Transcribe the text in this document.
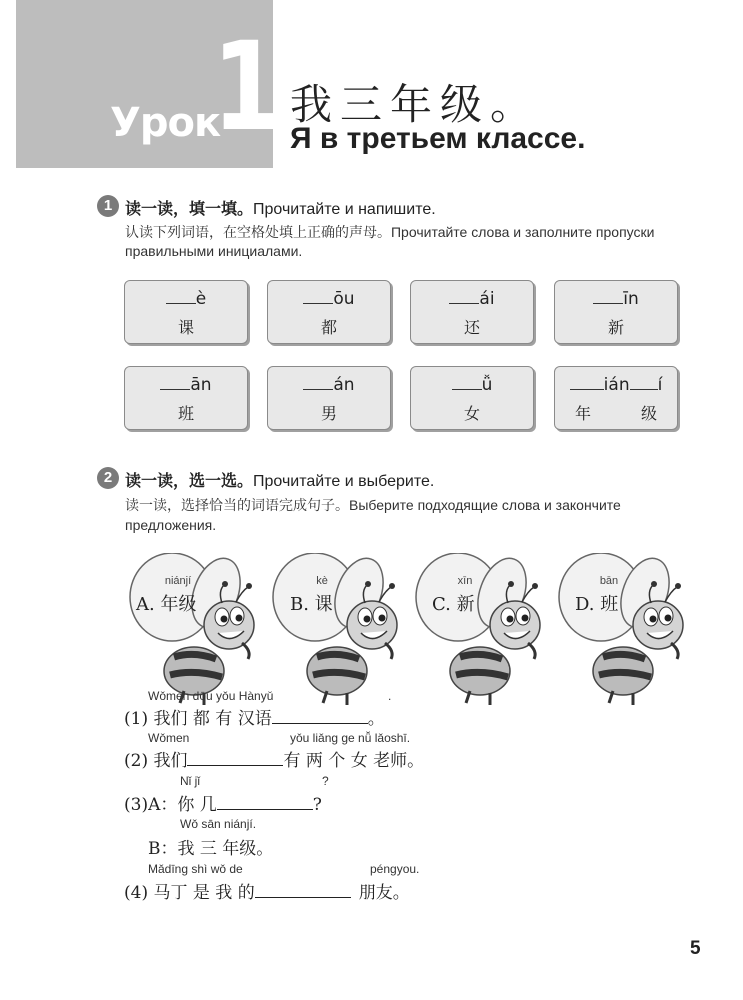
Урок
1 我三年级。
Я в третьем классе.
1 读一读，填一填。Прочитайте и напишите.
认读下列词语，在空格处填上正确的声母。Прочитайте слова и заполните пропуски
правильными инициалами.
è
课
ōu
都
ái
还
īn
新
ān
班
án
男
ǚ
女
ián í
年	级
2 读一读，选一选。Прочитайте и выберите.
读一读，选择恰当的词语完成句子。Выберите подходящие слова и закончите
предложения.
niánjí
A. 年级
kè
B. 课
xīn
C. 新
bān
D. 班
Wǒmen dōu yǒu Hànyǔ	.
(1) 我们 都 有 汉语	。
Wǒmen	yǒu liǎng ge nǚ lǎoshī.
(2) 我们	有 两 个 女 老师。
Nǐ jǐ	?
(3)A：你 几	?
Wǒ sān niánjí.
B：我 三 年级。
Mǎdīng shì wǒ de	péngyou.
(4) 马丁 是 我 的	朋友。
5
